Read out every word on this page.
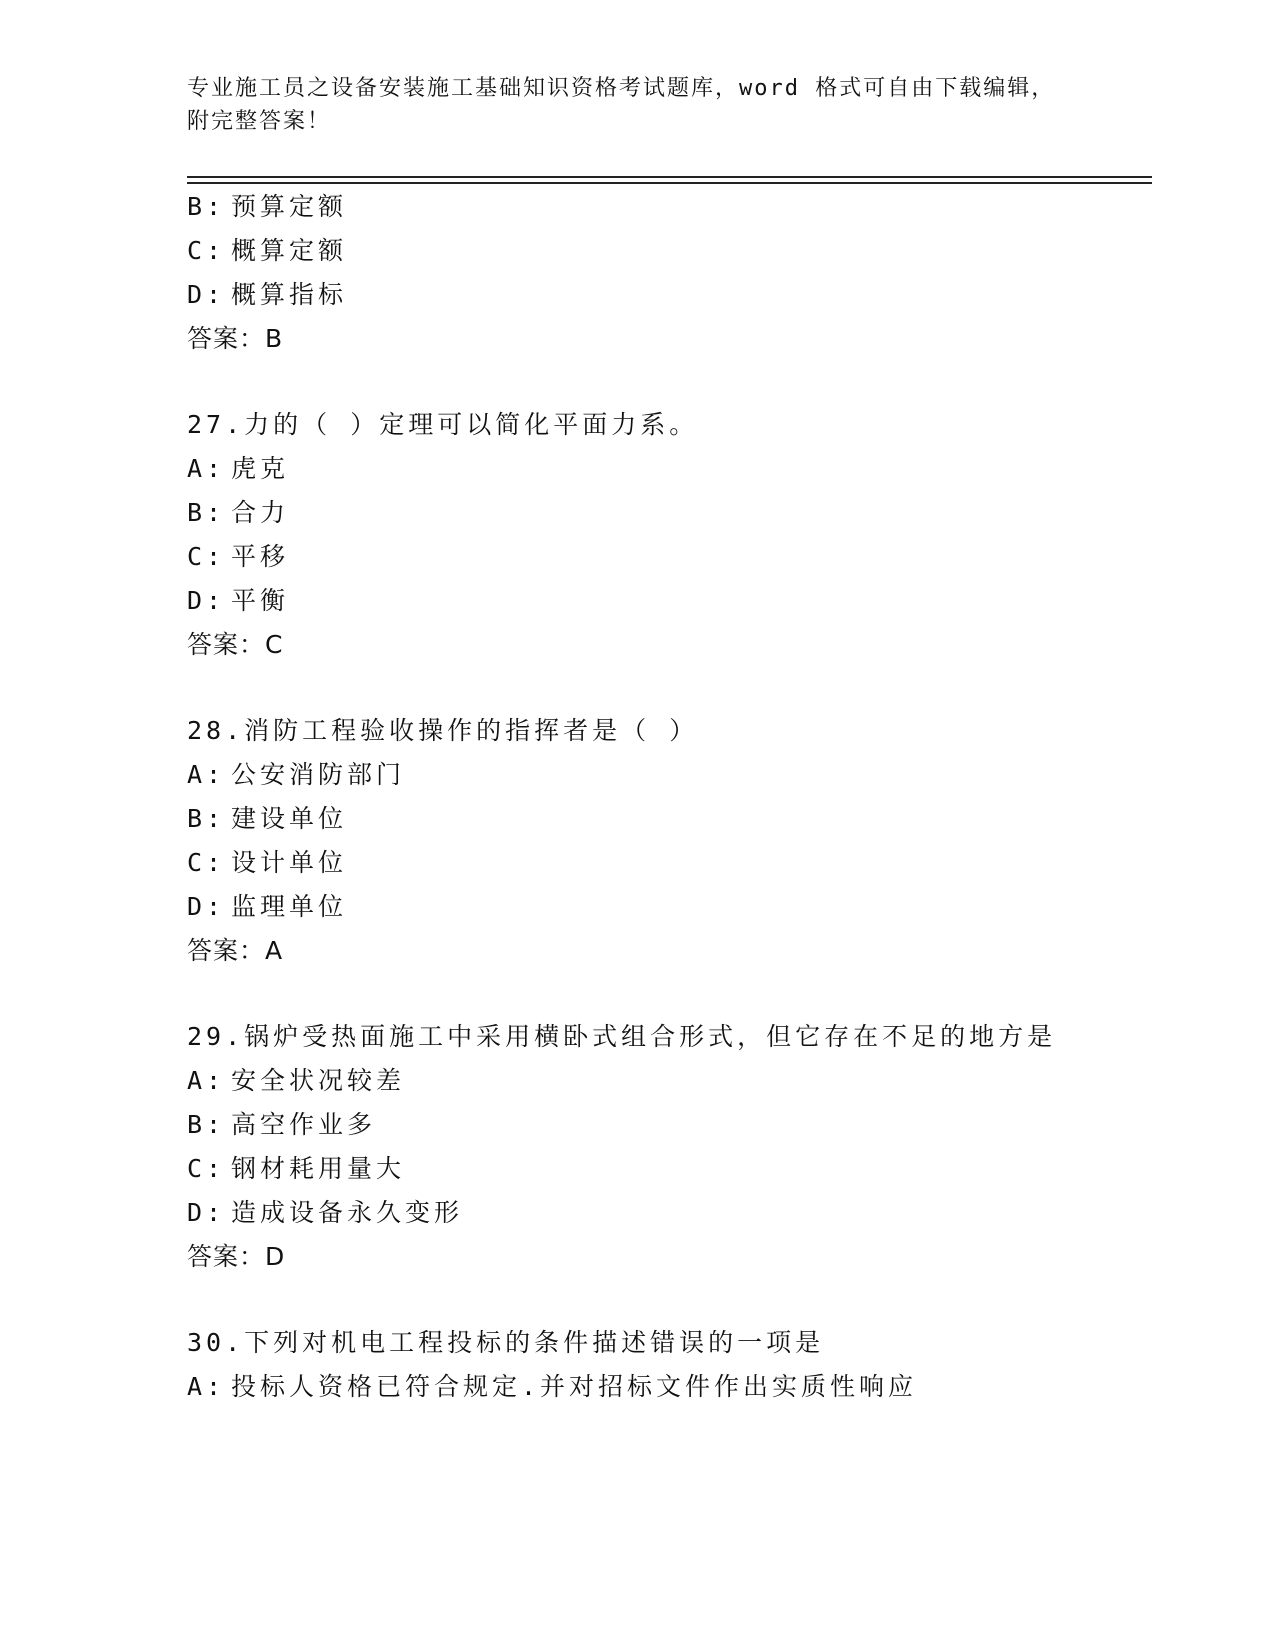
专业施工员之设备安装施工基础知识资格考试题库，word 格式可自由下载编辑，
附完整答案！
B: 预算定额
C: 概算定额
D: 概算指标
答案：B
27.力的（ ）定理可以简化平面力系。
A: 虎克
B: 合力
C: 平移
D: 平衡
答案：C
28.消防工程验收操作的指挥者是（ ）
A: 公安消防部门
B: 建设单位
C: 设计单位
D: 监理单位
答案：A
29.锅炉受热面施工中采用横卧式组合形式，但它存在不足的地方是
A: 安全状况较差
B: 高空作业多
C: 钢材耗用量大
D: 造成设备永久变形
答案：D
30.下列对机电工程投标的条件描述错误的一项是
A: 投标人资格已符合规定.并对招标文件作出实质性响应
